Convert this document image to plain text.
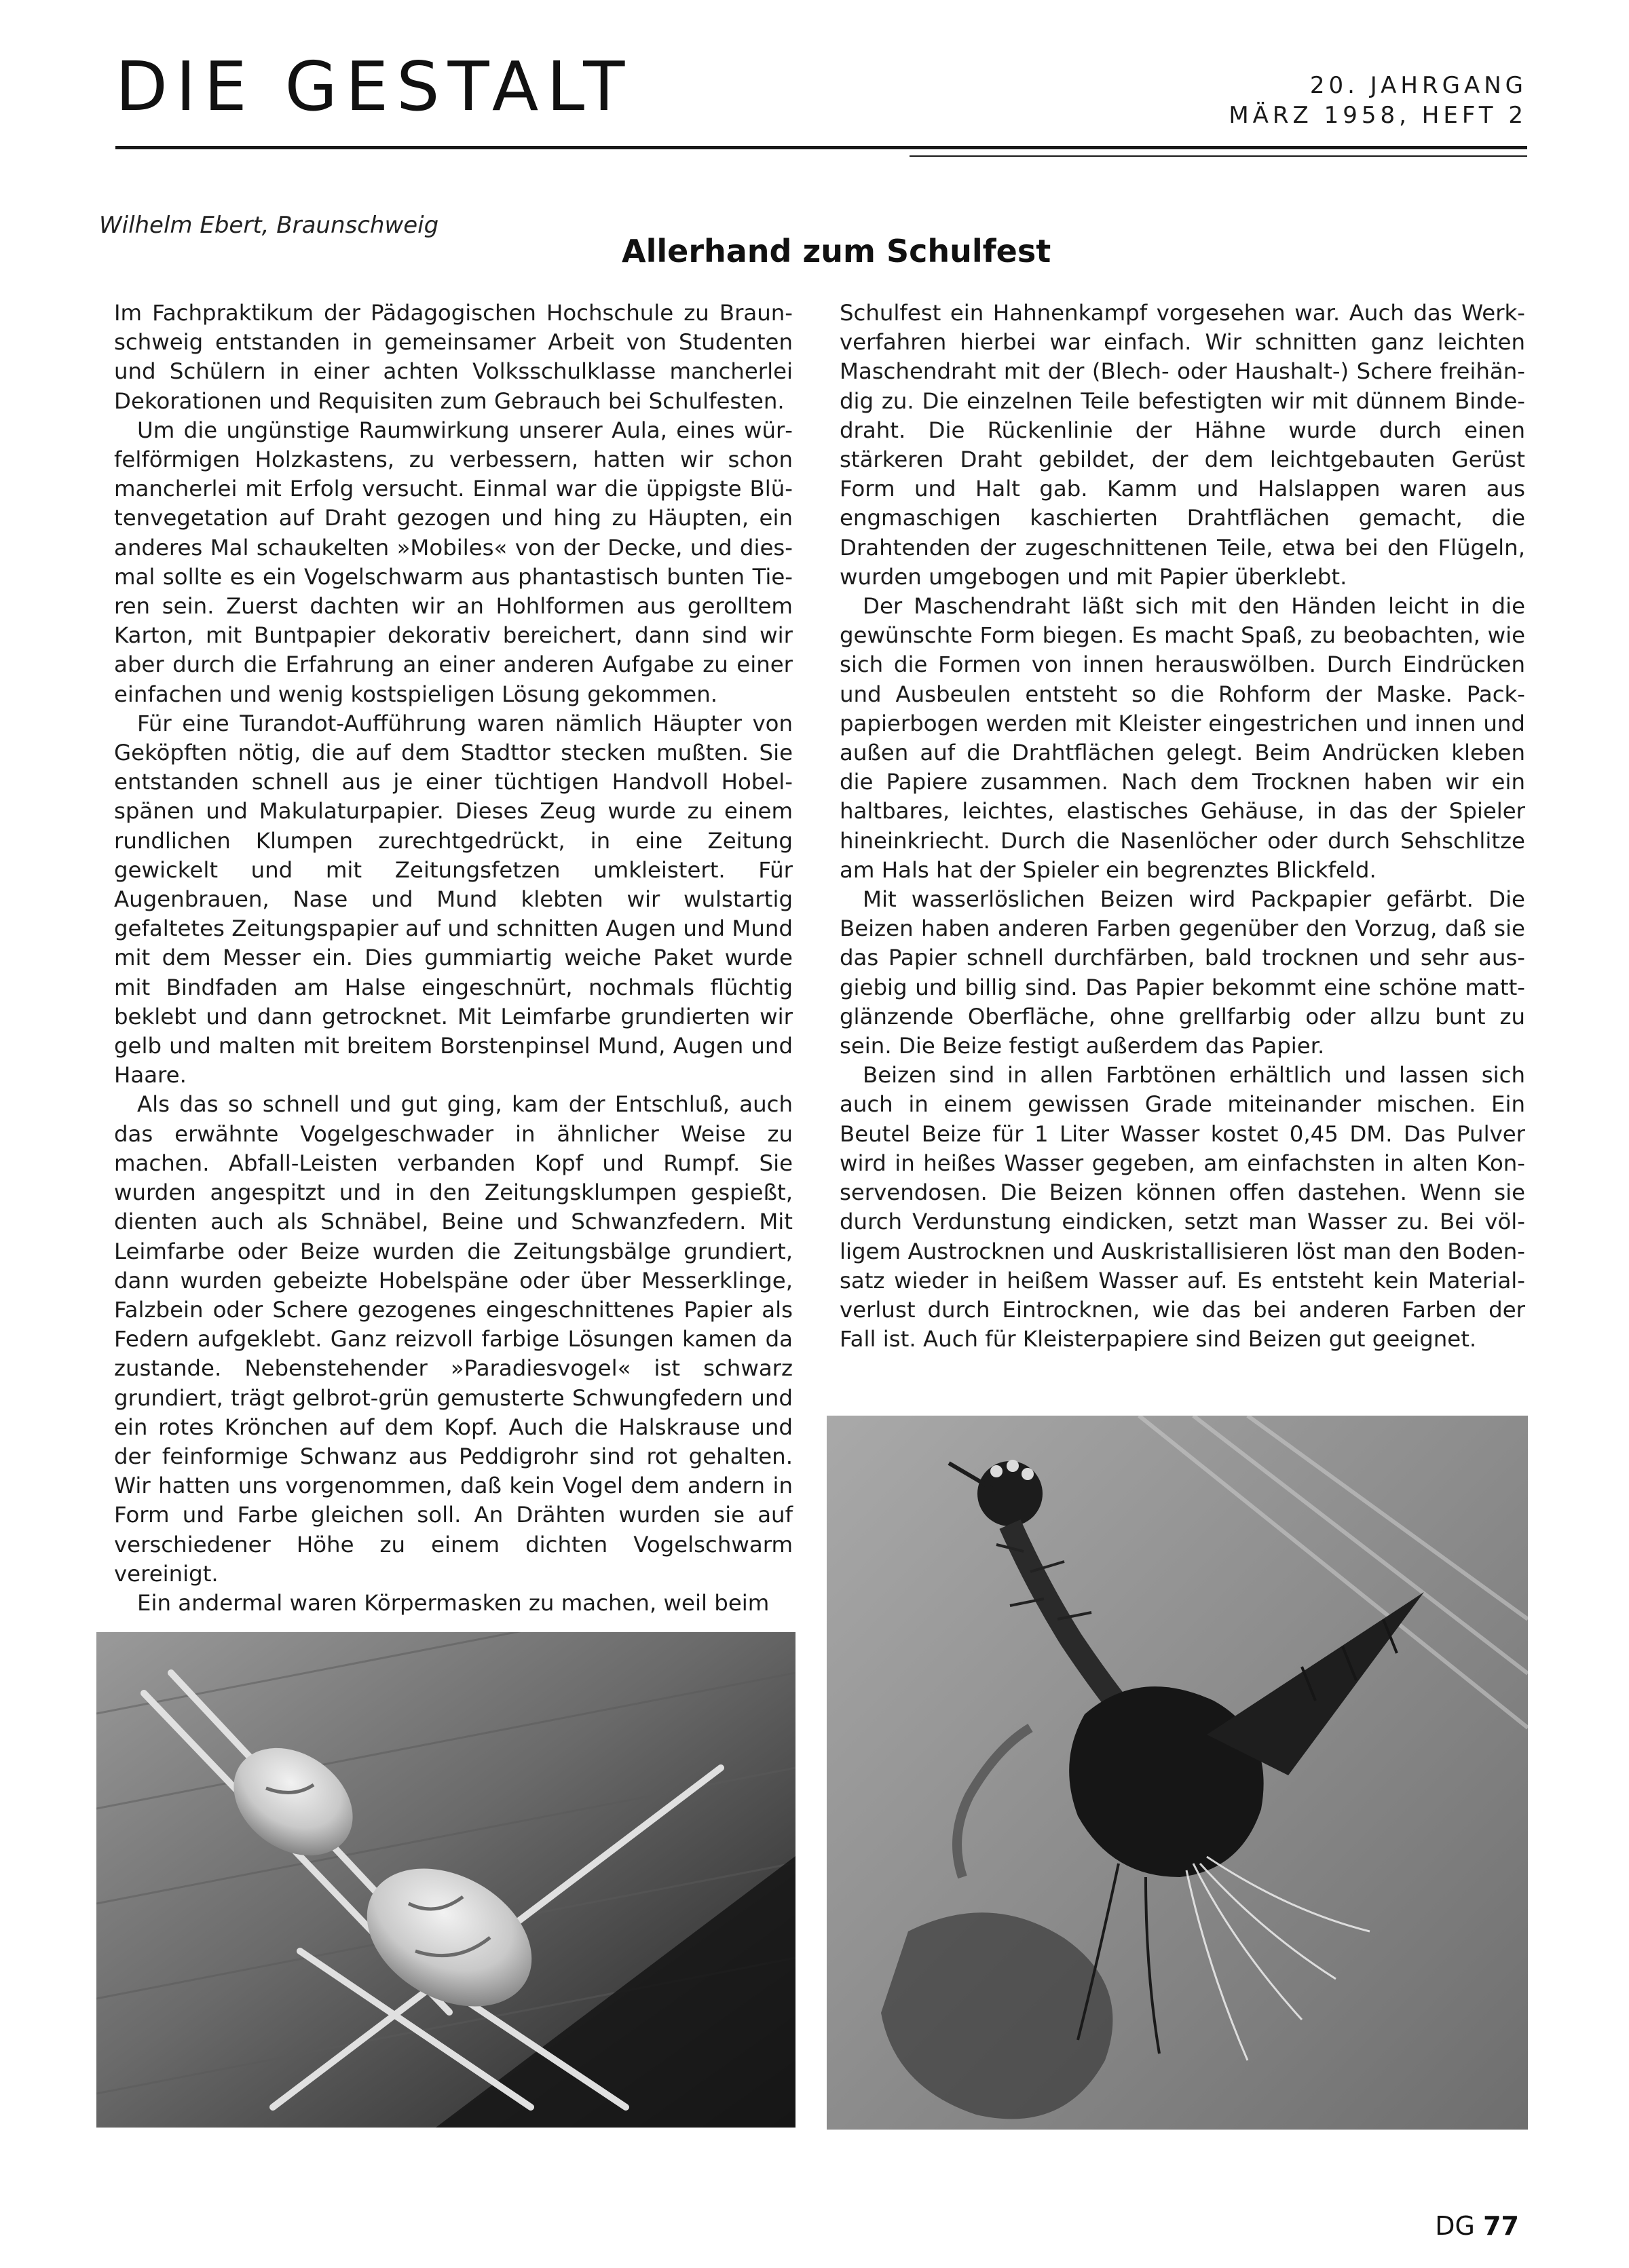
DIE GESTALT	20. JAHRGANG
MÄRZ 1958, HEFT 2
Wilhelm Ebert, Braunschweig
Allerhand zum Schulfest

Im Fachpraktikum der Pädagogischen Hochschule zu Braunschweig entstanden in gemeinsamer Arbeit von Studenten und Schülern in einer achten Volksschulklasse mancherlei Dekorationen und Requisiten zum Gebrauch bei Schulfesten.

Um die ungünstige Raumwirkung unserer Aula, eines würfelförmigen Holzkastens, zu verbessern, hatten wir schon mancherlei mit Erfolg versucht. Einmal war die üppigste Blütenvegetation auf Draht gezogen und hing zu Häupten, ein anderes Mal schaukelten »Mobiles« von der Decke, und diesmal sollte es ein Vogelschwarm aus phantastisch bunten Tieren sein. Zuerst dachten wir an Hohlformen aus gerolltem Karton, mit Buntpapier dekorativ bereichert, dann sind wir aber durch die Erfahrung an einer anderen Aufgabe zu einer einfachen und wenig kostspieligen Lösung gekommen.

Für eine Turandot-Aufführung waren nämlich Häupter von Geköpften nötig, die auf dem Stadttor stecken mußten. Sie entstanden schnell aus je einer tüchtigen Handvoll Hobelspänen und Makulaturpapier. Dieses Zeug wurde zu einem rundlichen Klumpen zurechtgedrückt, in eine Zeitung gewickelt und mit Zeitungsfetzen umkleistert. Für Augenbrauen, Nase und Mund klebten wir wulstartig gefaltetes Zeitungspapier auf und schnitten Augen und Mund mit dem Messer ein. Dies gummiartig weiche Paket wurde mit Bindfaden am Halse eingeschnürt, nochmals flüchtig beklebt und dann getrocknet. Mit Leimfarbe grundierten wir gelb und malten mit breitem Borstenpinsel Mund, Augen und Haare.

Als das so schnell und gut ging, kam der Entschluß, auch das erwähnte Vogelgeschwader in ähnlicher Weise zu machen. Abfall-Leisten verbanden Kopf und Rumpf. Sie wurden angespitzt und in den Zeitungsklumpen gespießt, dienten auch als Schnäbel, Beine und Schwanzfedern. Mit Leimfarbe oder Beize wurden die Zeitungsbälge grundiert, dann wurden gebeizte Hobelspäne oder über Messerklinge, Falzbein oder Schere gezogenes eingeschnittenes Papier als Federn aufgeklebt. Ganz reizvoll farbige Lösungen kamen da zustande. Nebenstehender »Paradiesvogel« ist schwarz grundiert, trägt gelbrot-grün gemusterte Schwungfedern und ein rotes Krönchen auf dem Kopf. Auch die Halskrause und der feinformige Schwanz aus Peddigrohr sind rot gehalten. Wir hatten uns vorgenommen, daß kein Vogel dem andern in Form und Farbe gleichen soll. An Drähten wurden sie auf verschiedener Höhe zu einem dichten Vogelschwarm vereinigt.

Ein andermal waren Körpermasken zu machen, weil beim

Schulfest ein Hahnenkampf vorgesehen war. Auch das Werkverfahren hierbei war einfach. Wir schnitten ganz leichten Maschendraht mit der (Blech- oder Haushalt-) Schere freihändig zu. Die einzelnen Teile befestigten wir mit dünnem Bindedraht. Die Rückenlinie der Hähne wurde durch einen stärkeren Draht gebildet, der dem leichtgebauten Gerüst Form und Halt gab. Kamm und Halslappen waren aus engmaschigen kaschierten Drahtflächen gemacht, die Drahtenden der zugeschnittenen Teile, etwa bei den Flügeln, wurden umgebogen und mit Papier überklebt.

Der Maschendraht läßt sich mit den Händen leicht in die gewünschte Form biegen. Es macht Spaß, zu beobachten, wie sich die Formen von innen herauswölben. Durch Eindrücken und Ausbeulen entsteht so die Rohform der Maske. Packpapierbogen werden mit Kleister eingestrichen und innen und außen auf die Drahtflächen gelegt. Beim Andrücken kleben die Papiere zusammen. Nach dem Trocknen haben wir ein haltbares, leichtes, elastisches Gehäuse, in das der Spieler hineinkriecht. Durch die Nasenlöcher oder durch Sehschlitze am Hals hat der Spieler ein begrenztes Blickfeld.

Mit wasserlöslichen Beizen wird Packpapier gefärbt. Die Beizen haben anderen Farben gegenüber den Vorzug, daß sie das Papier schnell durchfärben, bald trocknen und sehr ausgiebig und billig sind. Das Papier bekommt eine schöne mattglänzende Oberfläche, ohne grellfarbig oder allzu bunt zu sein. Die Beize festigt außerdem das Papier.

Beizen sind in allen Farbtönen erhältlich und lassen sich auch in einem gewissen Grade miteinander mischen. Ein Beutel Beize für 1 Liter Wasser kostet 0,45 DM. Das Pulver wird in heißes Wasser gegeben, am einfachsten in alten Konservendosen. Die Beizen können offen dastehen. Wenn sie durch Verdunstung eindicken, setzt man Wasser zu. Bei völligem Austrocknen und Auskristallisieren löst man den Bodensatz wieder in heißem Wasser auf. Es entsteht kein Materialverlust durch Eintrocknen, wie das bei anderen Farben der Fall ist. Auch für Kleisterpapiere sind Beizen gut geeignet.

DG 77
